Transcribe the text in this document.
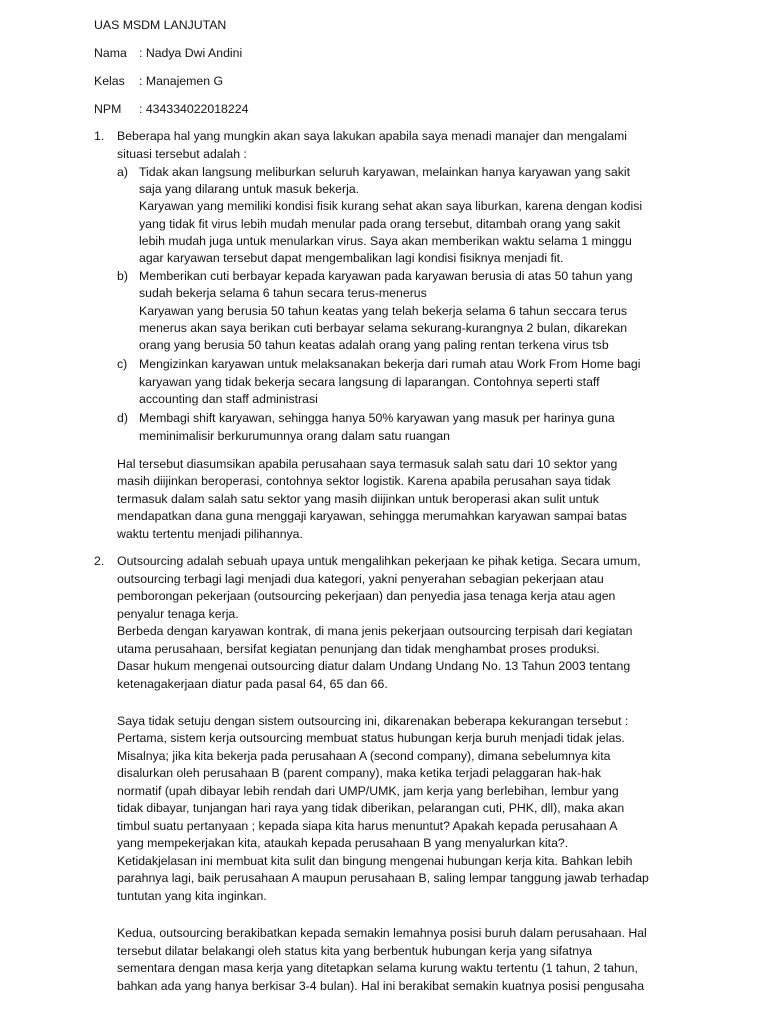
UAS MSDM LANJUTAN
Nama : Nadya Dwi Andini
Kelas : Manajemen G
NPM : 434334022018224
1. Beberapa hal yang mungkin akan saya lakukan apabila saya menadi manajer dan mengalami
situasi tersebut adalah :
a) Tidak akan langsung meliburkan seluruh karyawan, melainkan hanya karyawan yang sakit
saja yang dilarang untuk masuk bekerja.
Karyawan yang memiliki kondisi fisik kurang sehat akan saya liburkan, karena dengan kodisi
yang tidak fit virus lebih mudah menular pada orang tersebut, ditambah orang yang sakit
lebih mudah juga untuk menularkan virus. Saya akan memberikan waktu selama 1 minggu
agar karyawan tersebut dapat mengembalikan lagi kondisi fisiknya menjadi fit.
b) Memberikan cuti berbayar kepada karyawan pada karyawan berusia di atas 50 tahun yang
sudah bekerja selama 6 tahun secara terus-menerus
Karyawan yang berusia 50 tahun keatas yang telah bekerja selama 6 tahun seccara terus
menerus akan saya berikan cuti berbayar selama sekurang-kurangnya 2 bulan, dikarekan
orang yang berusia 50 tahun keatas adalah orang yang paling rentan terkena virus tsb
c) Mengizinkan karyawan untuk melaksanakan bekerja dari rumah atau Work From Home bagi
karyawan yang tidak bekerja secara langsung di laparangan. Contohnya seperti staff
accounting dan staff administrasi
d) Membagi shift karyawan, sehingga hanya 50% karyawan yang masuk per harinya guna
meminimalisir berkurumunnya orang dalam satu ruangan
Hal tersebut diasumsikan apabila perusahaan saya termasuk salah satu dari 10 sektor yang
masih diijinkan beroperasi, contohnya sektor logistik. Karena apabila perusahan saya tidak
termasuk dalam salah satu sektor yang masih diijinkan untuk beroperasi akan sulit untuk
mendapatkan dana guna menggaji karyawan, sehingga merumahkan karyawan sampai batas
waktu tertentu menjadi pilihannya.
2. Outsourcing adalah sebuah upaya untuk mengalihkan pekerjaan ke pihak ketiga. Secara umum,
outsourcing terbagi lagi menjadi dua kategori, yakni penyerahan sebagian pekerjaan atau
pemborongan pekerjaan (outsourcing pekerjaan) dan penyedia jasa tenaga kerja atau agen
penyalur tenaga kerja.
Berbeda dengan karyawan kontrak, di mana jenis pekerjaan outsourcing terpisah dari kegiatan
utama perusahaan, bersifat kegiatan penunjang dan tidak menghambat proses produksi.
Dasar hukum mengenai outsourcing diatur dalam Undang Undang No. 13 Tahun 2003 tentang
ketenagakerjaan diatur pada pasal 64, 65 dan 66.
Saya tidak setuju dengan sistem outsourcing ini, dikarenakan beberapa kekurangan tersebut :
Pertama, sistem kerja outsourcing membuat status hubungan kerja buruh menjadi tidak jelas.
Misalnya; jika kita bekerja pada perusahaan A (second company), dimana sebelumnya kita
disalurkan oleh perusahaan B (parent company), maka ketika terjadi pelaggaran hak-hak
normatif (upah dibayar lebih rendah dari UMP/UMK, jam kerja yang berlebihan, lembur yang
tidak dibayar, tunjangan hari raya yang tidak diberikan, pelarangan cuti, PHK, dll), maka akan
timbul suatu pertanyaan ; kepada siapa kita harus menuntut? Apakah kepada perusahaan A
yang mempekerjakan kita, ataukah kepada perusahaan B yang menyalurkan kita?.
Ketidakjelasan ini membuat kita sulit dan bingung mengenai hubungan kerja kita. Bahkan lebih
parahnya lagi, baik perusahaan A maupun perusahaan B, saling lempar tanggung jawab terhadap
tuntutan yang kita inginkan.
Kedua, outsourcing berakibatkan kepada semakin lemahnya posisi buruh dalam perusahaan. Hal
tersebut dilatar belakangi oleh status kita yang berbentuk hubungan kerja yang sifatnya
sementara dengan masa kerja yang ditetapkan selama kurung waktu tertentu (1 tahun, 2 tahun,
bahkan ada yang hanya berkisar 3-4 bulan). Hal ini berakibat semakin kuatnya posisi pengusaha
